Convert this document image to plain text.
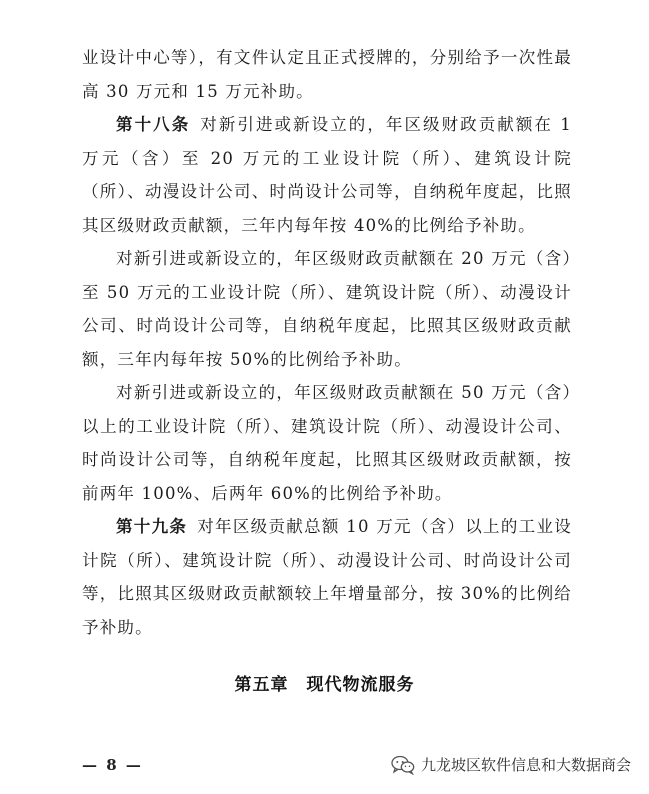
业设计中心等），有文件认定且正式授牌的，分别给予一次性最高 30 万元和 15 万元补助。

第十八条 对新引进或新设立的，年区级财政贡献额在 1 万元（含）至 20 万元的工业设计院（所）、建筑设计院（所）、动漫设计公司、时尚设计公司等，自纳税年度起，比照其区级财政贡献额，三年内每年按 40%的比例给予补助。

对新引进或新设立的，年区级财政贡献额在 20 万元（含）至 50 万元的工业设计院（所）、建筑设计院（所）、动漫设计公司、时尚设计公司等，自纳税年度起，比照其区级财政贡献额，三年内每年按 50%的比例给予补助。

对新引进或新设立的，年区级财政贡献额在 50 万元（含）以上的工业设计院（所）、建筑设计院（所）、动漫设计公司、时尚设计公司等，自纳税年度起，比照其区级财政贡献额，按前两年 100%、后两年 60%的比例给予补助。

第十九条 对年区级贡献总额 10 万元（含）以上的工业设计院（所）、建筑设计院（所）、动漫设计公司、时尚设计公司等，比照其区级财政贡献额较上年增量部分，按 30%的比例给予补助。

第五章 现代物流服务
— 8 —	九龙坡区软件信息和大数据商会
